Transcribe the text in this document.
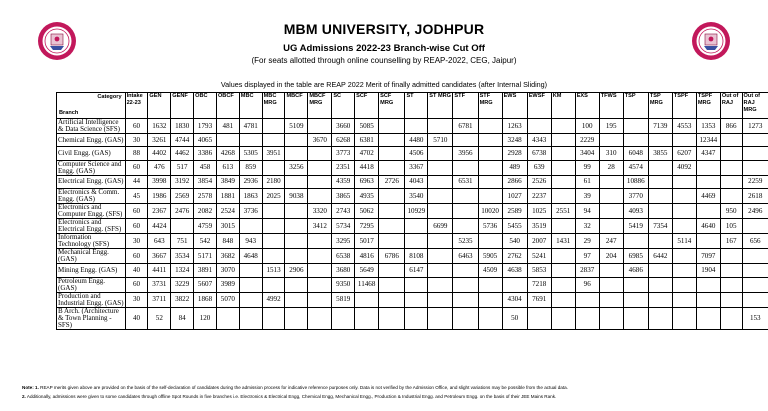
MBM UNIVERSITY, JODHPUR
UG Admissions 2022-23 Branch-wise Cut Off
(For seats allotted through online counselling by REAP-2022, CEG, Jaipur)
Values displayed in the table are REAP 2022 Merit of finally admitted candidates (after Internal Sliding)
Category
Branch	Intake 22-23	GEN	GENF	OBC	OBCF	MBC	MBC MRG	MBCF	MBCF MRG	SC	SCF	SCF MRG	ST	ST MRG	STF	STF MRG	EWS	EWSF	KM	EXS	TFWS	TSP	TSP MRG	TSPF	TSPF MRG	Out of RAJ	Out of RAJ MRG
Artificial Intelligence & Data Science (SFS)	60	1632	1830	1793	481	4781		5109		3660	5085				6781		1263			100	195		7139	4553	1353	866	1273
Chemical Engg. (GAS)	30	3261	4744	4065					3670	6268	6381		4480	5710			3248	4343		2229					12344		
Civil Engg. (GAS)	88	4402	4462	3386	4268	5305	3951			3773	4702		4506		3956		2928	6738		3404	310	6048	3855	6207	4347		
Computer Science and Engg. (GAS)	60	476	517	458	613	859		3256		2351	4418		3367				489	639		99	28	4574		4092			
Electrical Engg. (GAS)	44	3998	3192	3854	3849	2936	2180			4359	6963	2726	4043		6531		2866	2526		61		10886					2259
Electronics & Comm. Engg. (GAS)	45	1986	2569	2578	1881	1863	2025	9038		3865	4935		3540				1027	2237		39		3770			4469		2618
Electronics and Computer Engg. (SFS)	60	2367	2476	2082	2524	3736			3320	2743	5062		10929			10020	2589	1025	2551	94		4093				950	2496
Electronics and Electrical Engg. (SFS)	60	4424		4759	3015				3412	5734	7295			6699		5736	5455	3519		32		5419	7354		4640	105	
Information Technology (SFS)	30	643	751	542	848	943				3295	5017				5235		540	2007	1431	29	247			5114		167	656
Mechanical Engg. (GAS)	60	3667	3534	5171	3682	4648				6538	4816	6786	8108		6463	5905	2762	5241		97	204	6985	6442		7097		
Mining Engg. (GAS)	40	4411	1324	3891	3070		1513	2906		3680	5649		6147			4509	4638	5853		2837		4686			1904		
Petroleum Engg. (GAS)	60	3731	3229	5607	3989					9350	11468							7218		96							
Production and Industrial Engg. (GAS)	30	3711	3822	1868	5070		4992			5819							4304	7691									
B Arch. (Architecture & Town Planning - SFS)	40	52	84	120													50										153
Note: 1. REAP merits given above are provided on the basis of the self-declaration of candidates during the admission process for indicative reference purposes only. Data is not verified by the Admission Office, and slight variations may be possible from the actual data.
2. Additionally, admissions were given to some candidates through offline Spot Rounds in five branches i.e. Electronics & Electrical Engg, Chemical Engg, Mechanical Engg., Production & Industrial Engg. and Petroleum Engg. on the basis of their JEE Mains Rank.
